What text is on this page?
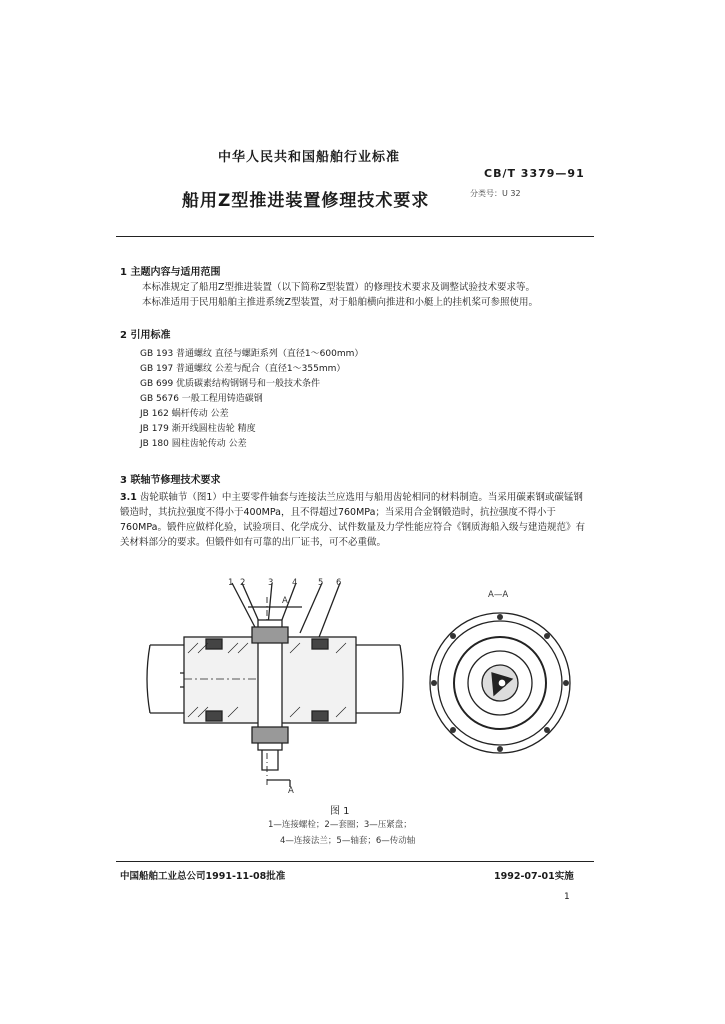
中华人民共和国船舶行业标准
CB/T 3379—91
分类号：U 32
船用Z型推进装置修理技术要求
1 主题内容与适用范围

本标准规定了船用Z型推进装置（以下简称Z型装置）的修理技术要求及调整试验技术要求等。

本标准适用于民用船舶主推进系统Z型装置，对于船舶横向推进和小艇上的挂机桨可参照使用。

2 引用标准
GB 193 普通螺纹 直径与螺距系列（直径1～600mm）
GB 197 普通螺纹 公差与配合（直径1～355mm）
GB 699 优质碳素结构钢钢号和一般技术条件
GB 5676 一般工程用铸造碳钢
JB 162 蜗杆传动 公差
JB 179 渐开线圆柱齿轮 精度
JB 180 圆柱齿轮传动 公差
3 联轴节修理技术要求

3.1 齿轮联轴节（图1）中主要零件轴套与连接法兰应选用与船用齿轮相同的材料制造。当采用碳素钢或碳锰钢锻造时，其抗拉强度不得小于400MPa，且不得超过760MPa；当采用合金钢锻造时，抗拉强度不得小于760MPa。锻件应做样化验，试验项目、化学成分、试件数量及力学性能应符合《钢质海船入级与建造规范》有关材料部分的要求。但锻件如有可靠的出厂证书，可不必重做。

1 2	3 4 5 6
A
A
A—A
图 1
1—连接螺栓；2—套圈；3—压紧盘；
4—连接法兰；5—轴套；6—传动轴
中国船舶工业总公司1991-11-08批准	1992-07-01实施
1
